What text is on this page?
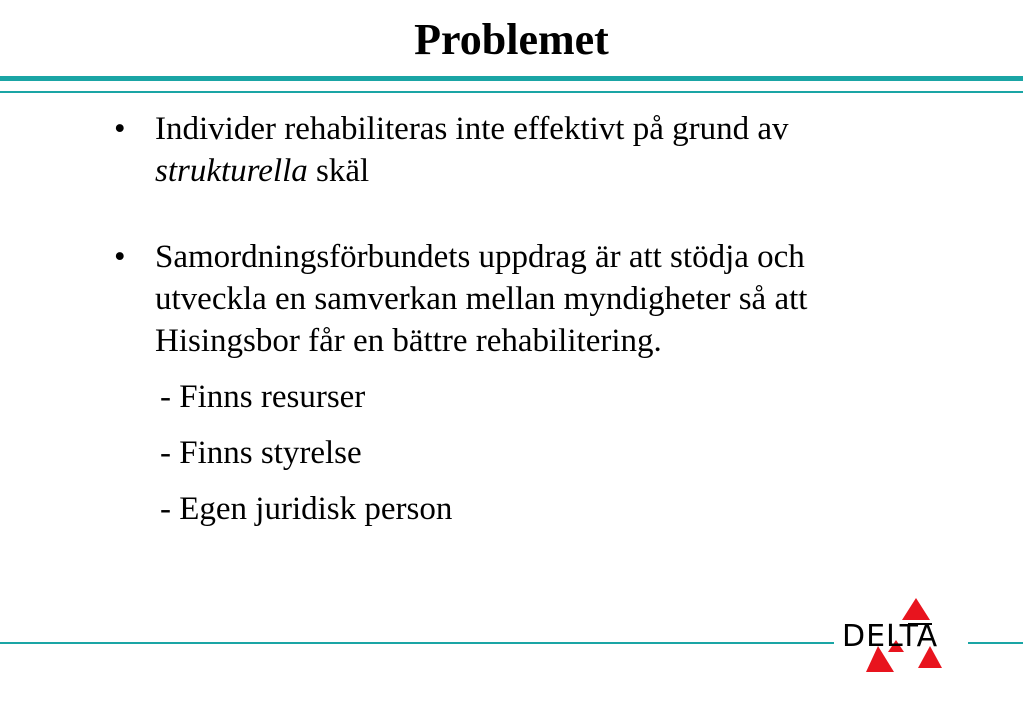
Problemet
• Individer rehabiliteras inte effektivt på grund av strukturella skäl
• Samordningsförbundets uppdrag är att stödja och utveckla en samverkan mellan myndigheter så att Hisingsbor får en bättre rehabilitering.
- Finns resurser
- Finns styrelse
- Egen juridisk person
DELTA
